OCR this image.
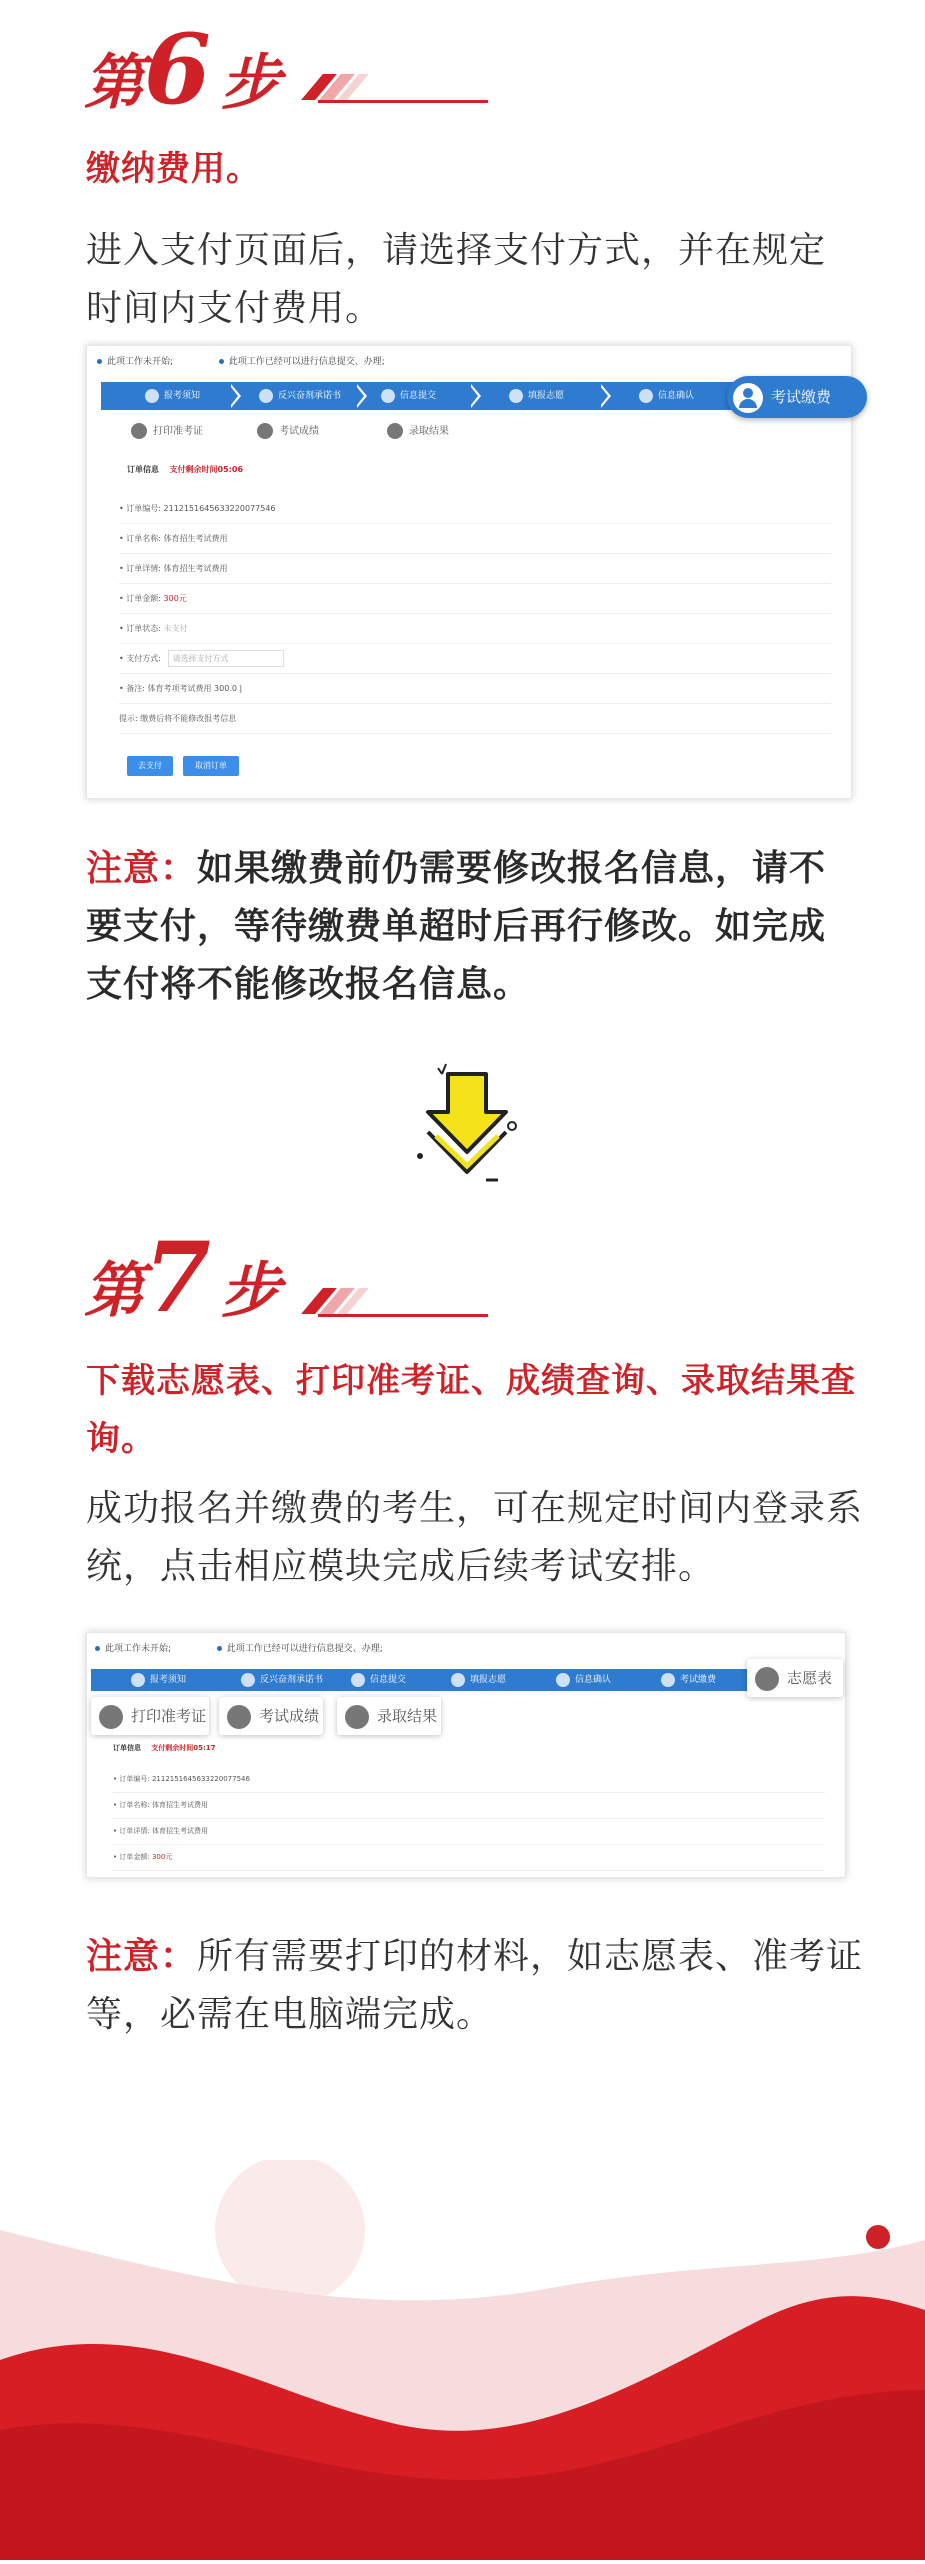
第6 步
缴纳费用。
进入支付页面后，请选择支付方式，并在规定时间内支付费用。
此项工作未开始;	此项工作已经可以进行信息提交、办理;
报考须知	反兴奋剂承诺书	信息提交	填报志愿	信息确认	考试缴费
打印准考证	考试成绩	录取结果
订单信息 支付剩余时间05:06
• 订单编号: 2112151645633220077546
• 订单名称: 体育招生考试费用
• 订单详情: 体育招生考试费用
• 订单金额: 300元
• 订单状态: 未支付
• 支付方式: 请选择支付方式
• 备注: 体育考项考试费用 300.0 |
提示: 缴费后将不能修改报考信息
去支付	取消订单
注意：如果缴费前仍需要修改报名信息，请不要支付，等待缴费单超时后再行修改。如完成支付将不能修改报名信息。
第7 步
下载志愿表、打印准考证、成绩查询、录取结果查询。
成功报名并缴费的考生，可在规定时间内登录系统，点击相应模块完成后续考试安排。
此项工作未开始;	此项工作已经可以进行信息提交、办理;
报考须知	反兴奋剂承诺书	信息提交	填报志愿	信息确认	考试缴费	志愿表
打印准考证	考试成绩	录取结果
订单信息 支付剩余时间05:17
• 订单编号: 2112151645633220077546
• 订单名称: 体育招生考试费用
• 订单详情: 体育招生考试费用
• 订单金额: 300元
注意：所有需要打印的材料，如志愿表、准考证等，必需在电脑端完成。
